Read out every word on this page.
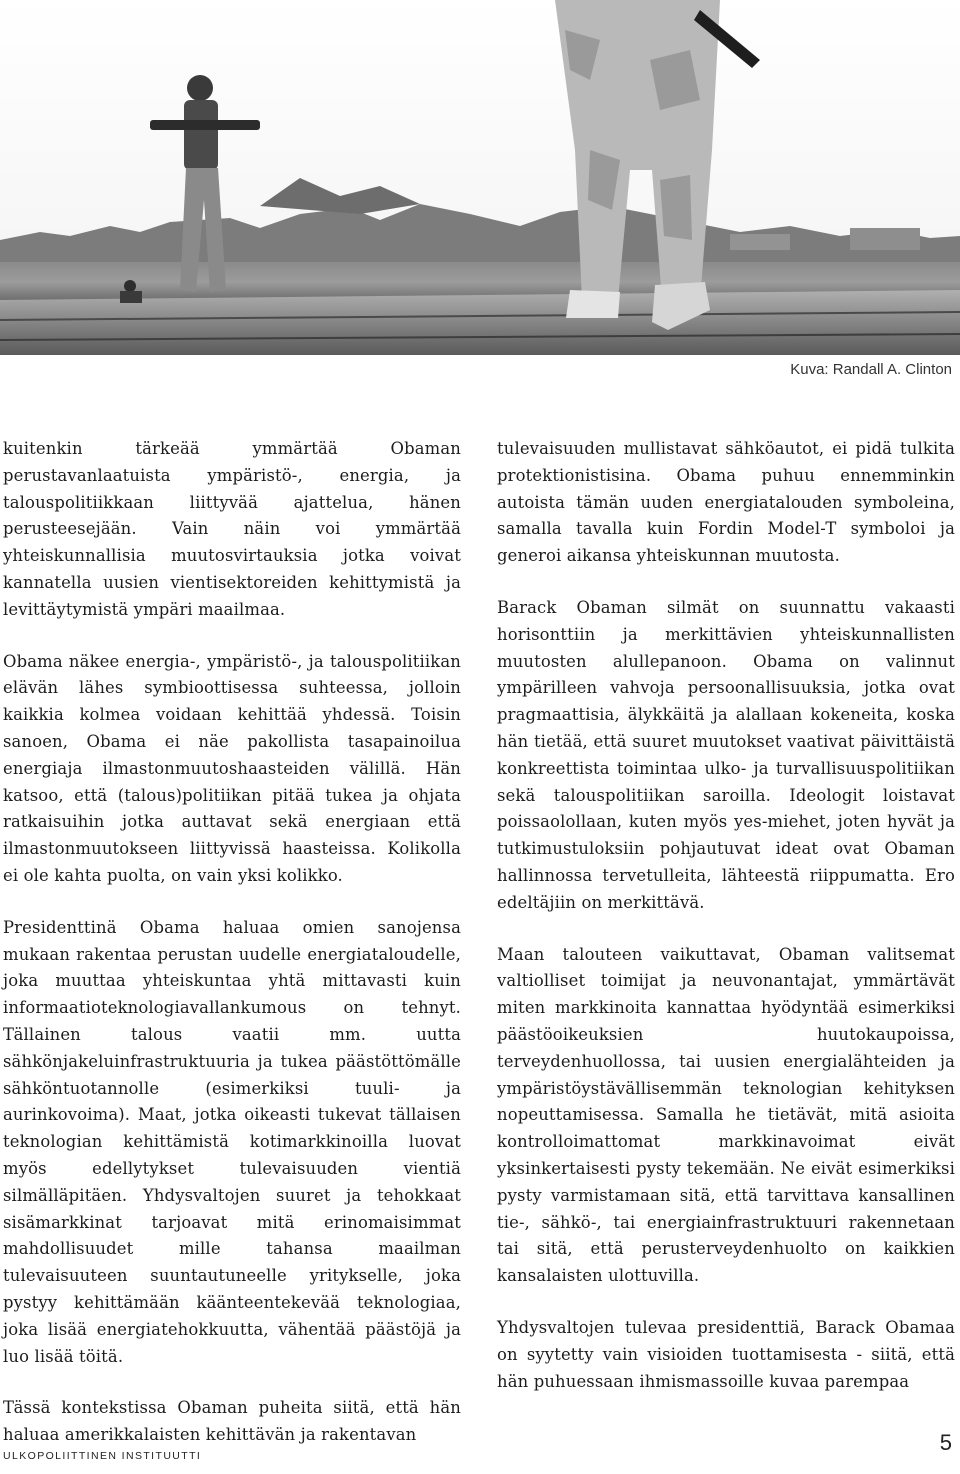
Kuva: Randall A. Clinton

kuitenkin tärkeää ymmärtää Obaman perustavanlaatuista ympäristö-, energia, ja talouspolitiikkaan liittyvää ajattelua, hänen perusteesejään. Vain näin voi ymmärtää yhteiskunnallisia muutosvirtauksia jotka voivat kannatella uusien vientisektoreiden kehittymistä ja levittäytymistä ympäri maailmaa.

Obama näkee energia-, ympäristö-, ja talouspolitiikan elävän lähes symbioottisessa suhteessa, jolloin kaikkia kolmea voidaan kehittää yhdessä. Toisin sanoen, Obama ei näe pakollista tasapainoilua energiaja ilmastonmuutoshaasteiden välillä. Hän katsoo, että (talous)politiikan pitää tukea ja ohjata ratkaisuihin jotka auttavat sekä energiaan että ilmastonmuutokseen liittyvissä haasteissa. Kolikolla ei ole kahta puolta, on vain yksi kolikko.

Presidenttinä Obama haluaa omien sanojensa mukaan rakentaa perustan uudelle energiataloudelle, joka muuttaa yhteiskuntaa yhtä mittavasti kuin informaatioteknologiavallankumous on tehnyt. Tällainen talous vaatii mm. uutta sähkönjakeluinfrastruktuuria ja tukea päästöttömälle sähköntuotannolle (esimerkiksi tuuli- ja aurinkovoima). Maat, jotka oikeasti tukevat tällaisen teknologian kehittämistä kotimarkkinoilla luovat myös edellytykset tulevaisuuden vientiä silmälläpitäen. Yhdysvaltojen suuret ja tehokkaat sisämarkkinat tarjoavat mitä erinomaisimmat mahdollisuudet mille tahansa maailman tulevaisuuteen suuntautuneelle yritykselle, joka pystyy kehittämään käänteentekevää teknologiaa, joka lisää energiatehokkuutta, vähentää päästöjä ja luo lisää töitä.

Tässä kontekstissa Obaman puheita siitä, että hän haluaa amerikkalaisten kehittävän ja rakentavan

tulevaisuuden mullistavat sähköautot, ei pidä tulkita protektionistisina. Obama puhuu ennemminkin autoista tämän uuden energiatalouden symboleina, samalla tavalla kuin Fordin Model-T symboloi ja generoi aikansa yhteiskunnan muutosta.

Barack Obaman silmät on suunnattu vakaasti horisonttiin ja merkittävien yhteiskunnallisten muutosten alullepanoon. Obama on valinnut ympärilleen vahvoja persoonallisuuksia, jotka ovat pragmaattisia, älykkäitä ja alallaan kokeneita, koska hän tietää, että suuret muutokset vaativat päivittäistä konkreettista toimintaa ulko- ja turvallisuuspolitiikan sekä talouspolitiikan saroilla. Ideologit loistavat poissaolollaan, kuten myös yes-miehet, joten hyvät ja tutkimustuloksiin pohjautuvat ideat ovat Obaman hallinnossa tervetulleita, lähteestä riippumatta. Ero edeltäjiin on merkittävä.

Maan talouteen vaikuttavat, Obaman valitsemat valtiolliset toimijat ja neuvonantajat, ymmärtävät miten markkinoita kannattaa hyödyntää esimerkiksi päästöoikeuksien huutokaupoissa, terveydenhuollossa, tai uusien energialähteiden ja ympäristöystävällisemmän teknologian kehityksen nopeuttamisessa. Samalla he tietävät, mitä asioita kontrolloimattomat markkinavoimat eivät yksinkertaisesti pysty tekemään. Ne eivät esimerkiksi pysty varmistamaan sitä, että tarvittava kansallinen tie-, sähkö-, tai energiainfrastruktuuri rakennetaan tai sitä, että perusterveydenhuolto on kaikkien kansalaisten ulottuvilla.

Yhdysvaltojen tulevaa presidenttiä, Barack Obamaa on syytetty vain visioiden tuottamisesta - siitä, että hän puhuessaan ihmismassoille kuvaa parempaa

ULKOPOLIITTINEN INSTITUUTTI
5
